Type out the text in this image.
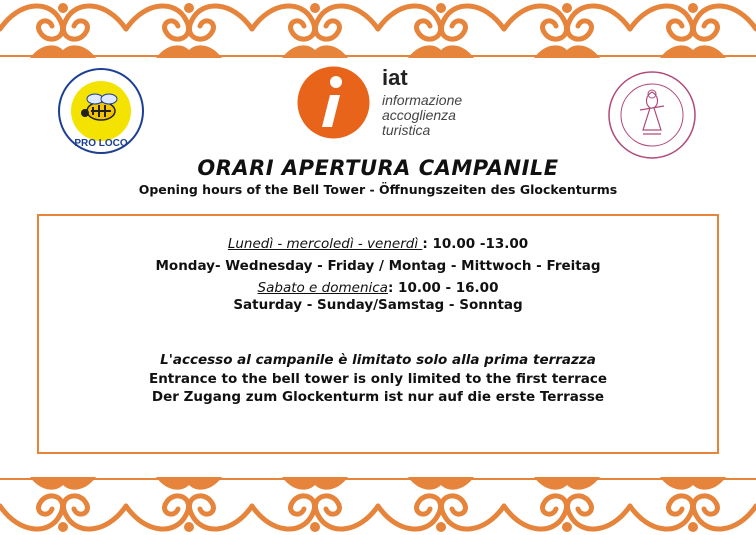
PRO LOCO
iat
informazione
accoglienza
turistica
ORARI APERTURA CAMPANILE
Opening hours of the Bell Tower - Öffnungszeiten des Glockenturms
Lunedì - mercoledì - venerdì : 10.00 -13.00
Monday- Wednesday - Friday / Montag - Mittwoch - Freitag
Sabato e domenica: 10.00 - 16.00
Saturday - Sunday/Samstag - Sonntag
L'accesso al campanile è limitato solo alla prima terrazza
Entrance to the bell tower is only limited to the first terrace
Der Zugang zum Glockenturm ist nur auf die erste Terrasse
